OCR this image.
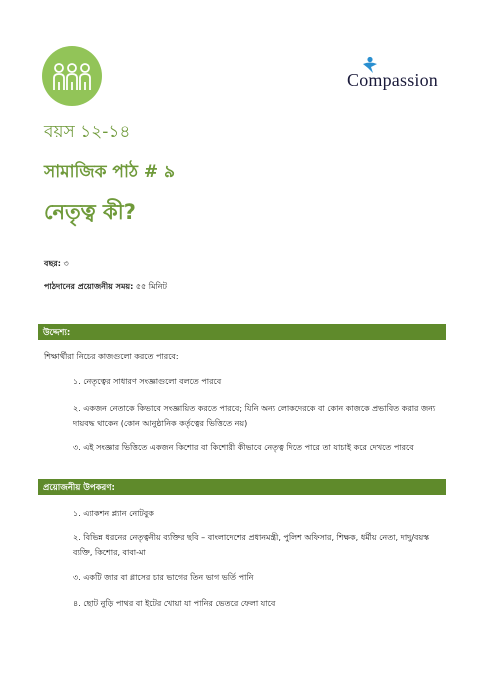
Compassion
বয়স ১২-১৪
সামাজিক পাঠ # ৯
নেতৃত্ব কী?
বছর: ৩
পাঠদানের প্রয়োজনীয় সময়: ৫৫ মিনিট
উদ্দেশ্য:
শিক্ষার্থীরা নিচের কাজগুলো করতে পারবে:
১. নেতৃত্বের সাধারণ সংজ্ঞাগুলো বলতে পারবে
২. একজন নেতাকে কিভাবে সংজ্ঞায়িত করতে পারবে; যিনি অন্য লোকদেরকে বা কোন কাজকে প্রভাবিত করার জন্য দায়বদ্ধ থাকেন (কোন আনুষ্ঠানিক কর্তৃত্বের ভিত্তিতে নয়)
৩. এই সংজ্ঞার ভিত্তিতে একজন কিশোর বা কিশোরী কীভাবে নেতৃত্ব দিতে পারে তা যাচাই করে দেখতে পারবে
প্রয়োজনীয় উপকরণ:
১. এ্যাকশন প্ল্যান নোটবুক
২. বিভিন্ন ধরনের নেতৃত্বনীয় ব্যক্তির ছবি – বাংলাদেশের প্রধানমন্ত্রী, পুলিশ অফিসার, শিক্ষক, ধর্মীয় নেতা, দাদু/বয়স্ক ব্যক্তি, কিশোর, বাবা-মা
৩. একটি জার বা গ্লাসের চার ভাগের তিন ভাগ ভর্তি পানি
৪. ছোট নুড়ি পাথর বা ইটের খোয়া যা পানির ভেতরে ফেলা যাবে
